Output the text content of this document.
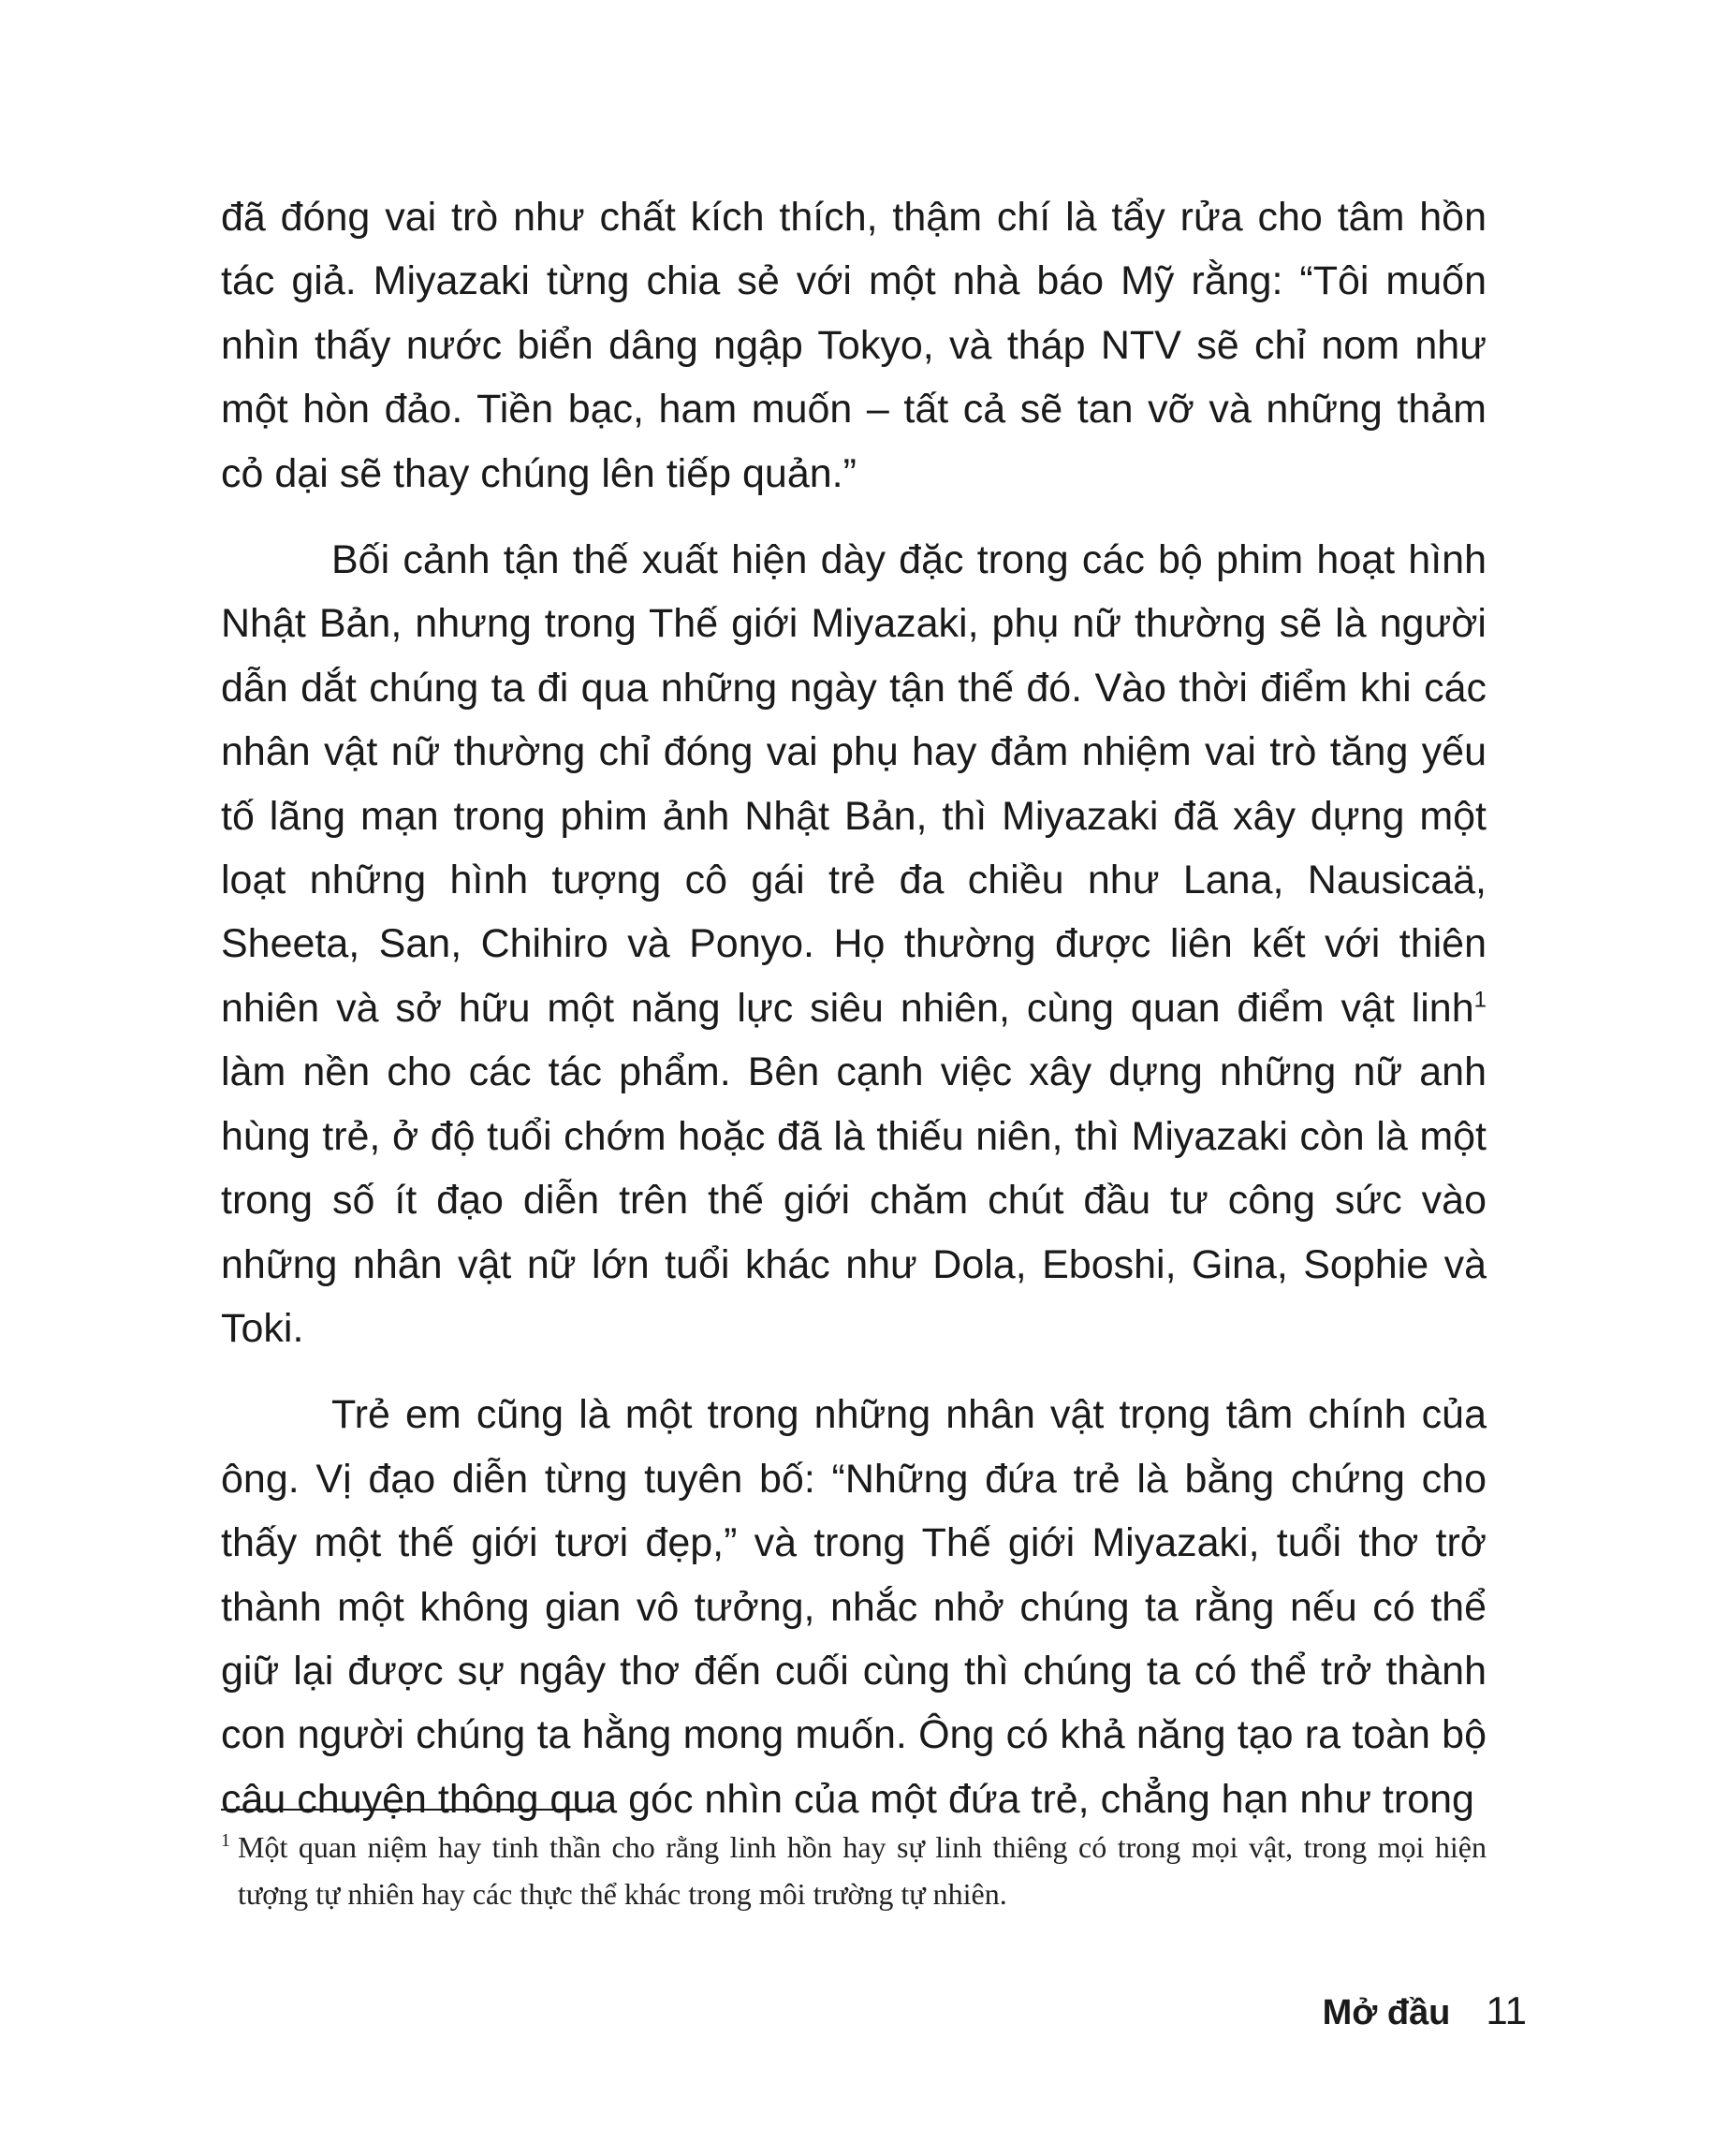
đã đóng vai trò như chất kích thích, thậm chí là tẩy rửa cho tâm hồn tác giả. Miyazaki từng chia sẻ với một nhà báo Mỹ rằng: “Tôi muốn nhìn thấy nước biển dâng ngập Tokyo, và tháp NTV sẽ chỉ nom như một hòn đảo. Tiền bạc, ham muốn – tất cả sẽ tan vỡ và những thảm cỏ dại sẽ thay chúng lên tiếp quản.”

Bối cảnh tận thế xuất hiện dày đặc trong các bộ phim hoạt hình Nhật Bản, nhưng trong Thế giới Miyazaki, phụ nữ thường sẽ là người dẫn dắt chúng ta đi qua những ngày tận thế đó. Vào thời điểm khi các nhân vật nữ thường chỉ đóng vai phụ hay đảm nhiệm vai trò tăng yếu tố lãng mạn trong phim ảnh Nhật Bản, thì Miyazaki đã xây dựng một loạt những hình tượng cô gái trẻ đa chiều như Lana, Nausicaä, Sheeta, San, Chihiro và Ponyo. Họ thường được liên kết với thiên nhiên và sở hữu một năng lực siêu nhiên, cùng quan điểm vật linh$^1$ làm nền cho các tác phẩm. Bên cạnh việc xây dựng những nữ anh hùng trẻ, ở độ tuổi chớm hoặc đã là thiếu niên, thì Miyazaki còn là một trong số ít đạo diễn trên thế giới chăm chút đầu tư công sức vào những nhân vật nữ lớn tuổi khác như Dola, Eboshi, Gina, Sophie và Toki.

Trẻ em cũng là một trong những nhân vật trọng tâm chính của ông. Vị đạo diễn từng tuyên bố: “Những đứa trẻ là bằng chứng cho thấy một thế giới tươi đẹp,” và trong Thế giới Miyazaki, tuổi thơ trở thành một không gian vô tưởng, nhắc nhở chúng ta rằng nếu có thể giữ lại được sự ngây thơ đến cuối cùng thì chúng ta có thể trở thành con người chúng ta hằng mong muốn. Ông có khả năng tạo ra toàn bộ câu chuyện thông qua góc nhìn của một đứa trẻ, chẳng hạn như trong

1 Một quan niệm hay tinh thần cho rằng linh hồn hay sự linh thiêng có trong mọi vật, trong mọi hiện tượng tự nhiên hay các thực thể khác trong môi trường tự nhiên.
Mở đầu 11
